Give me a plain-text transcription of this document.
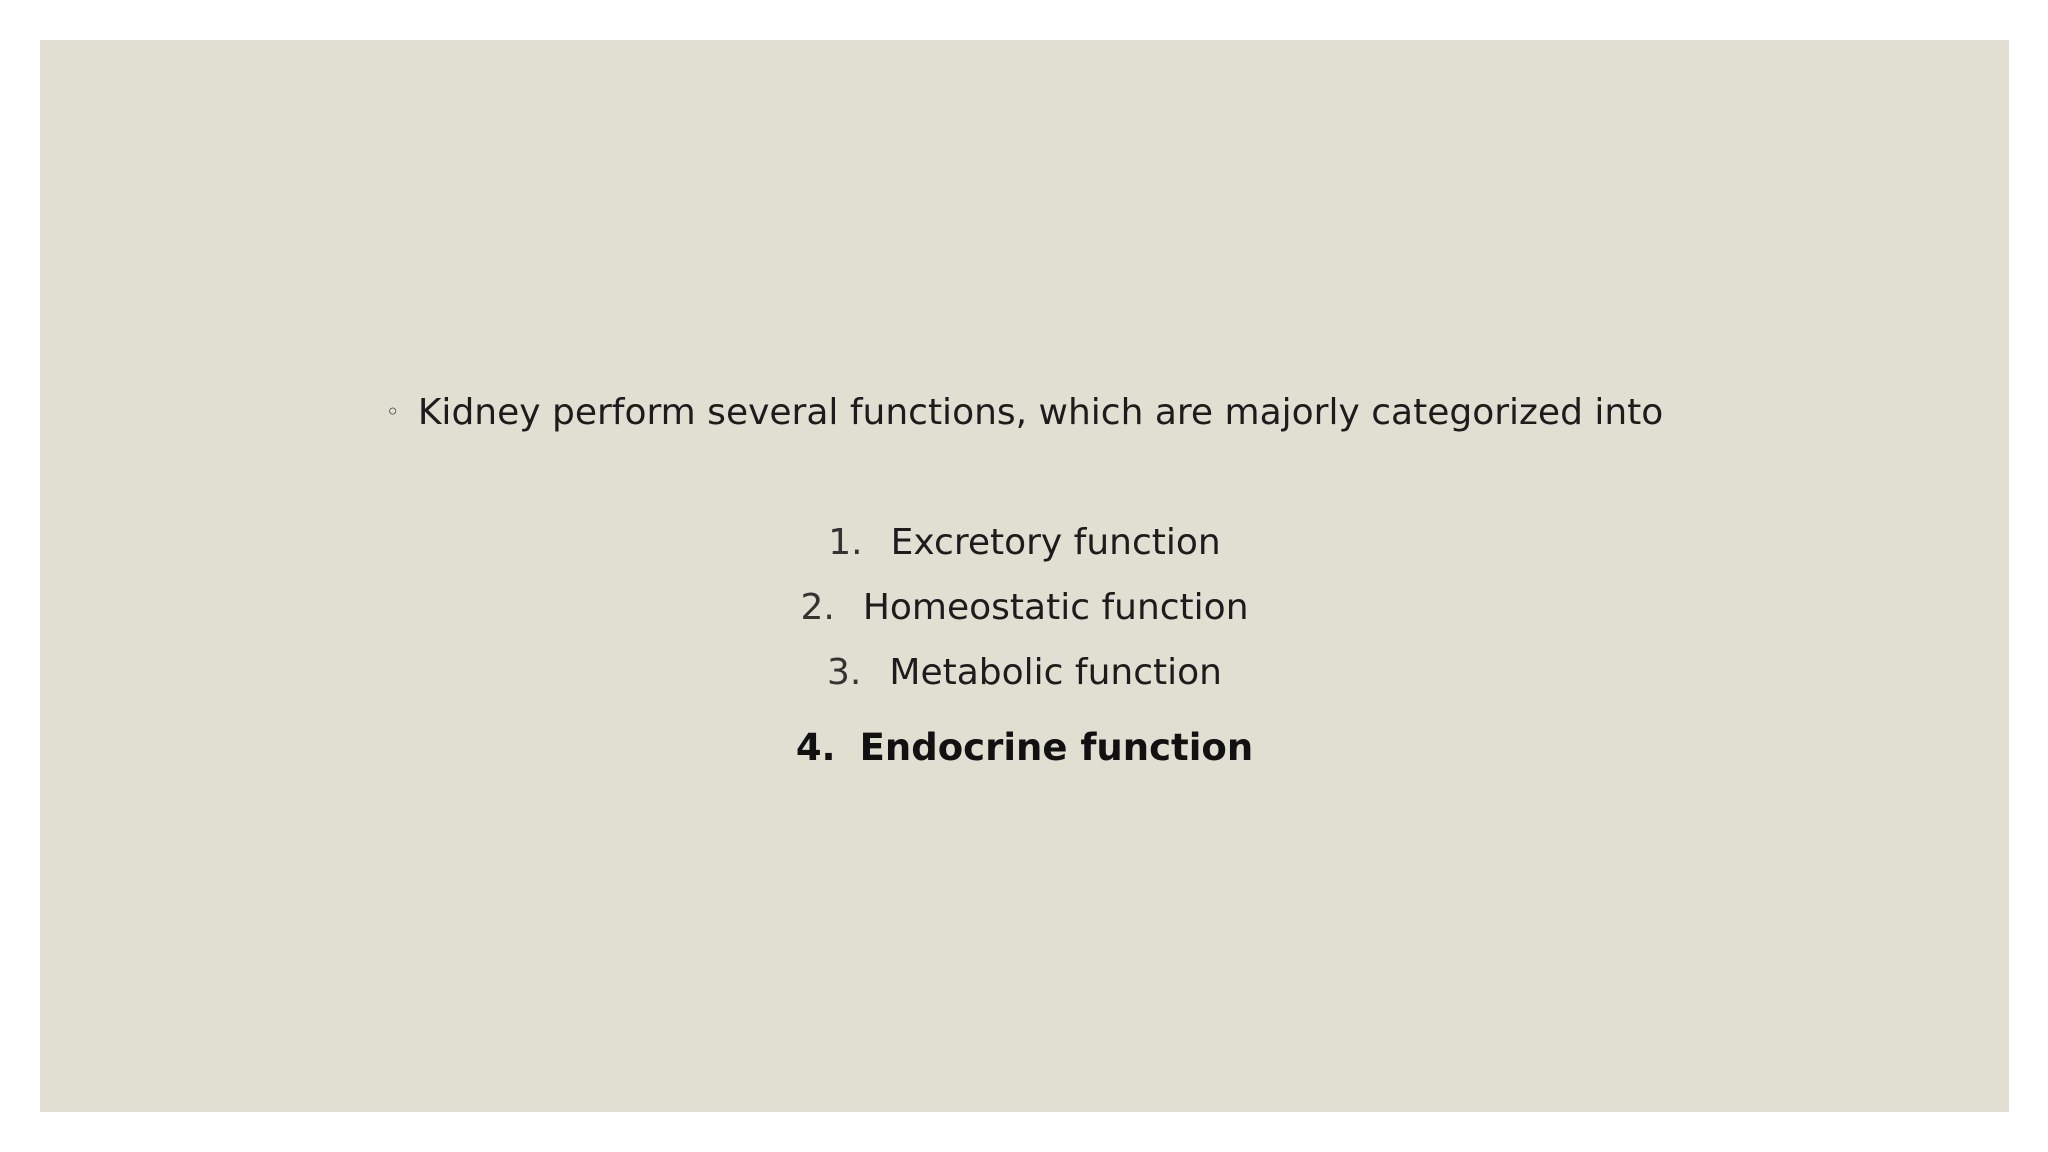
◦ Kidney perform several functions, which are majorly categorized into
1. Excretory function
2. Homeostatic function
3. Metabolic function
4. Endocrine function
